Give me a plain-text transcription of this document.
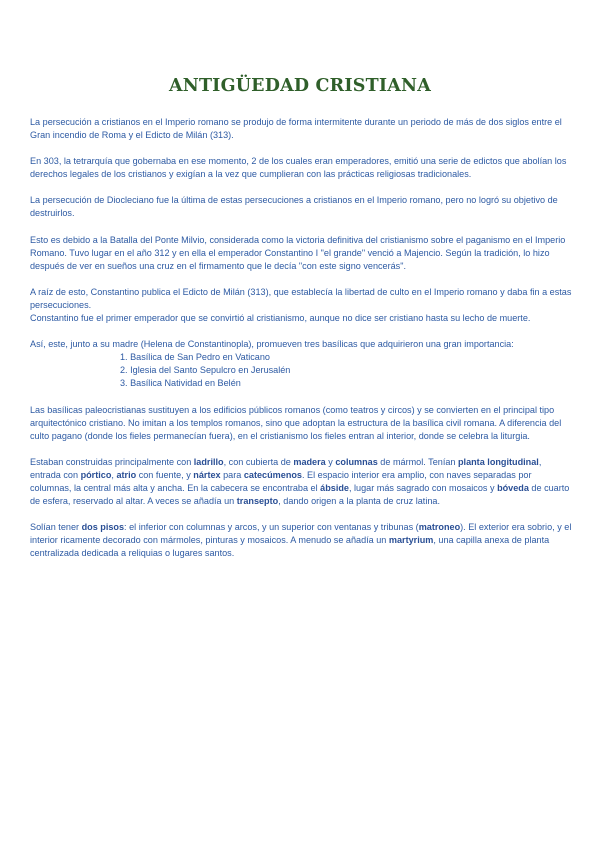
ANTIGÜEDAD CRISTIANA

La persecución a cristianos en el Imperio romano se produjo de forma intermitente durante un periodo de más de dos siglos entre el Gran incendio de Roma y el Edicto de Milán (313).

En 303, la tetrarquía que gobernaba en ese momento, 2 de los cuales eran emperadores, emitió una serie de edictos que abolían los derechos legales de los cristianos y exigían a la vez que cumplieran con las prácticas religiosas tradicionales.

La persecución de Diocleciano fue la última de estas persecuciones a cristianos en el Imperio romano, pero no logró su objetivo de destruirlos.

Esto es debido a la Batalla del Ponte Milvio, considerada como la victoria definitiva del cristianismo sobre el paganismo en el Imperio Romano. Tuvo lugar en el año 312 y en ella el emperador Constantino I "el grande" venció a Majencio. Según la tradición, lo hizo después de ver en sueños una cruz en el firmamento que le decía "con este signo vencerás".

A raíz de esto, Constantino publica el Edicto de Milán (313), que establecía la libertad de culto en el Imperio romano y daba fin a estas persecuciones.

Constantino fue el primer emperador que se convirtió al cristianismo, aunque no dice ser cristiano hasta su lecho de muerte.

Así, este, junto a su madre (Helena de Constantinopla), promueven tres basílicas que adquirieron una gran importancia:

1. Basílica de San Pedro en Vaticano
2. Iglesia del Santo Sepulcro en Jerusalén
3. Basílica Natividad en Belén

Las basílicas paleocristianas sustituyen a los edificios públicos romanos (como teatros y circos) y se convierten en el principal tipo arquitectónico cristiano. No imitan a los templos romanos, sino que adoptan la estructura de la basílica civil romana. A diferencia del culto pagano (donde los fieles permanecían fuera), en el cristianismo los fieles entran al interior, donde se celebra la liturgia.

Estaban construidas principalmente con ladrillo, con cubierta de madera y columnas de mármol. Tenían planta longitudinal, entrada con pórtico, atrio con fuente, y nártex para catecúmenos. El espacio interior era amplio, con naves separadas por columnas, la central más alta y ancha. En la cabecera se encontraba el ábside, lugar más sagrado con mosaicos y bóveda de cuarto de esfera, reservado al altar. A veces se añadía un transepto, dando origen a la planta de cruz latina.

Solían tener dos pisos: el inferior con columnas y arcos, y un superior con ventanas y tribunas (matroneo). El exterior era sobrio, y el interior ricamente decorado con mármoles, pinturas y mosaicos. A menudo se añadía un martyrium, una capilla anexa de planta centralizada dedicada a reliquias o lugares santos.
